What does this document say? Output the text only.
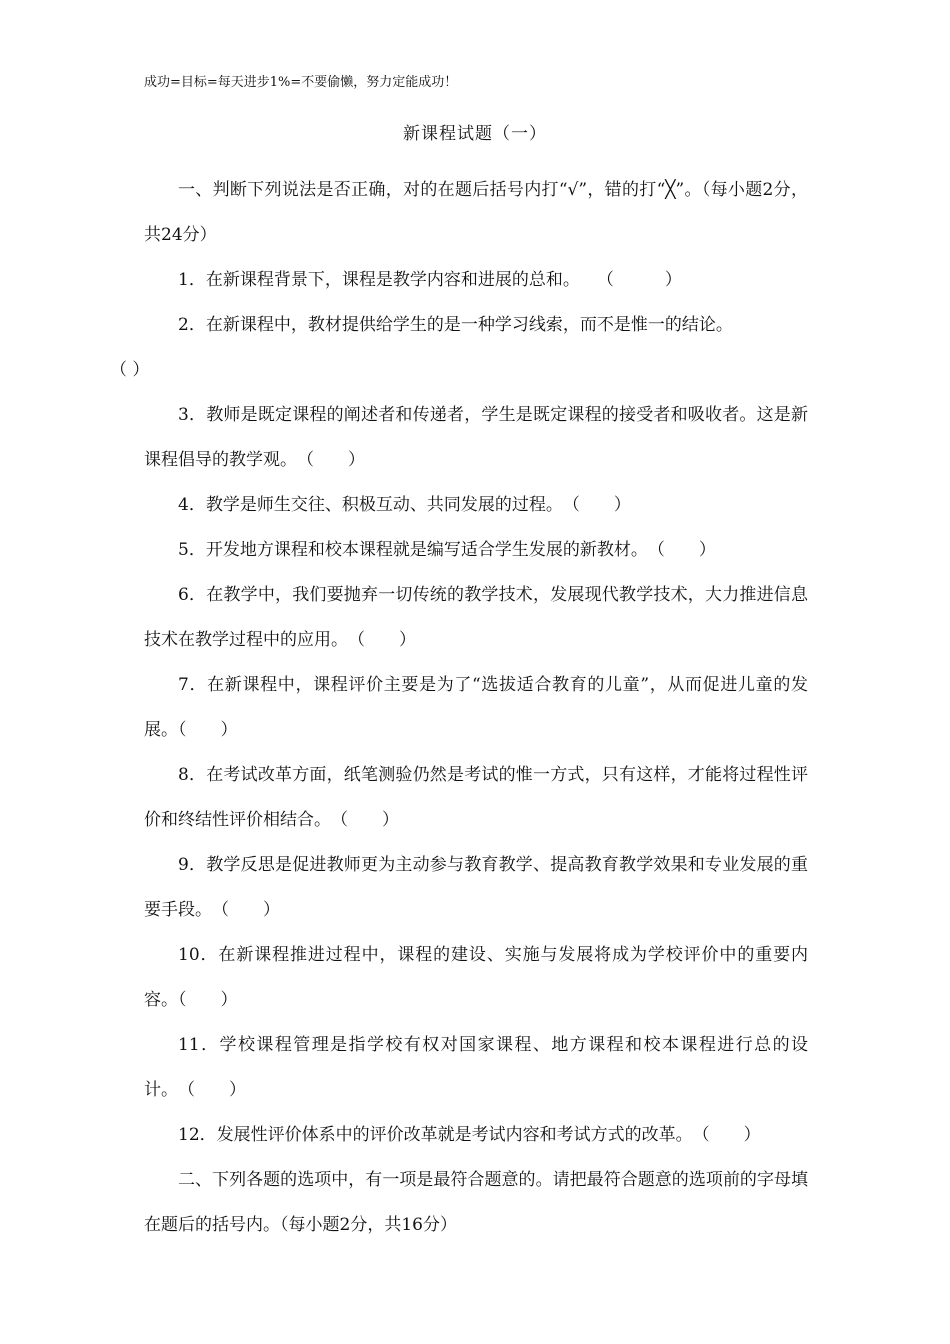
成功=目标=每天进步1%=不要偷懒，努力定能成功！
新课程试题（一）

一、判断下列说法是否正确，对的在题后括号内打“√”，错的打“╳”。（每小题2分，共24分）

1．在新课程背景下，课程是教学内容和进展的总和。　　（　　　）

2．在新课程中，教材提供给学生的是一种学习线索，而不是惟一的结论。
（ ）

3．教师是既定课程的阐述者和传递者，学生是既定课程的接受者和吸收者。这是新课程倡导的教学观。　（　　）

4．教学是师生交往、积极互动、共同发展的过程。　（　　）

5．开发地方课程和校本课程就是编写适合学生发展的新教材。　（　　）

6．在教学中，我们要抛弃一切传统的教学技术，发展现代教学技术，大力推进信息技术在教学过程中的应用。　（　　）

7．在新课程中，课程评价主要是为了“选拔适合教育的儿童”，从而促进儿童的发展。（　　）

8．在考试改革方面，纸笔测验仍然是考试的惟一方式，只有这样，才能将过程性评价和终结性评价相结合。　（　　）

9．教学反思是促进教师更为主动参与教育教学、提高教育教学效果和专业发展的重要手段。　（　　）

10．在新课程推进过程中，课程的建设、实施与发展将成为学校评价中的重要内容。（　　）

11．学校课程管理是指学校有权对国家课程、地方课程和校本课程进行总的设计。　（　　）

12．发展性评价体系中的评价改革就是考试内容和考试方式的改革。　（　　）

二、下列各题的选项中，有一项是最符合题意的。请把最符合题意的选项前的字母填在题后的括号内。（每小题2分，共16分）
